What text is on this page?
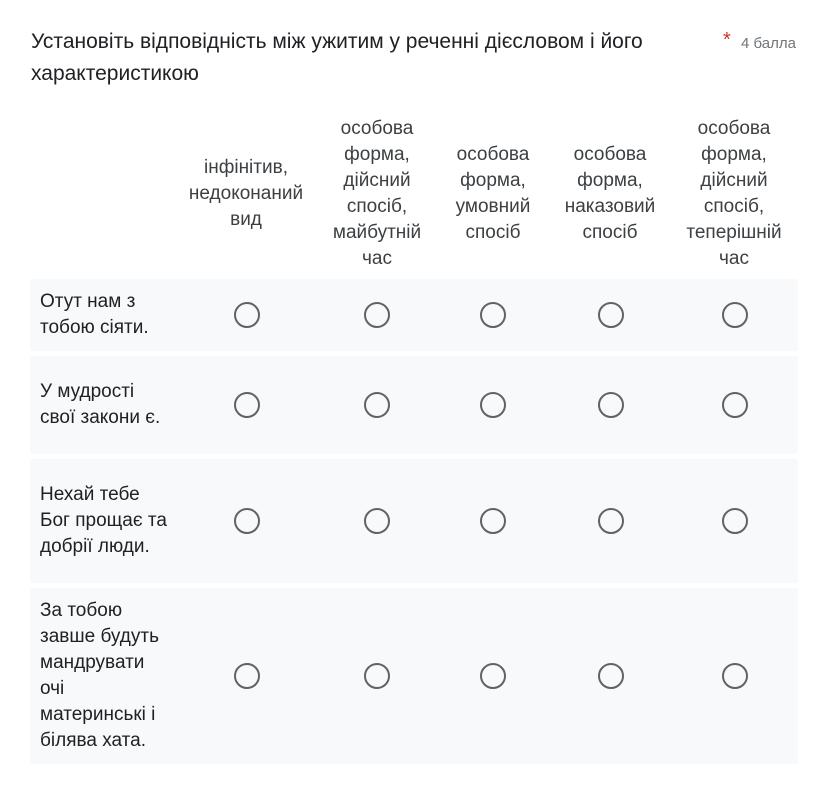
Установіть відповідність між ужитим у реченні дієсловом і його характеристикою
* 4 балла
інфінітив, недоконаний вид
особова форма, дійсний спосіб, майбутній час
особова форма, умовний спосіб
особова форма, наказовий спосіб
особова форма, дійсний спосіб, теперішній час
Отут нам з тобою сіяти.
У мудрості свої закони є.
Нехай тебе Бог прощає та добрії люди.
За тобою завше будуть мандрувати очі материнські і білява хата.
